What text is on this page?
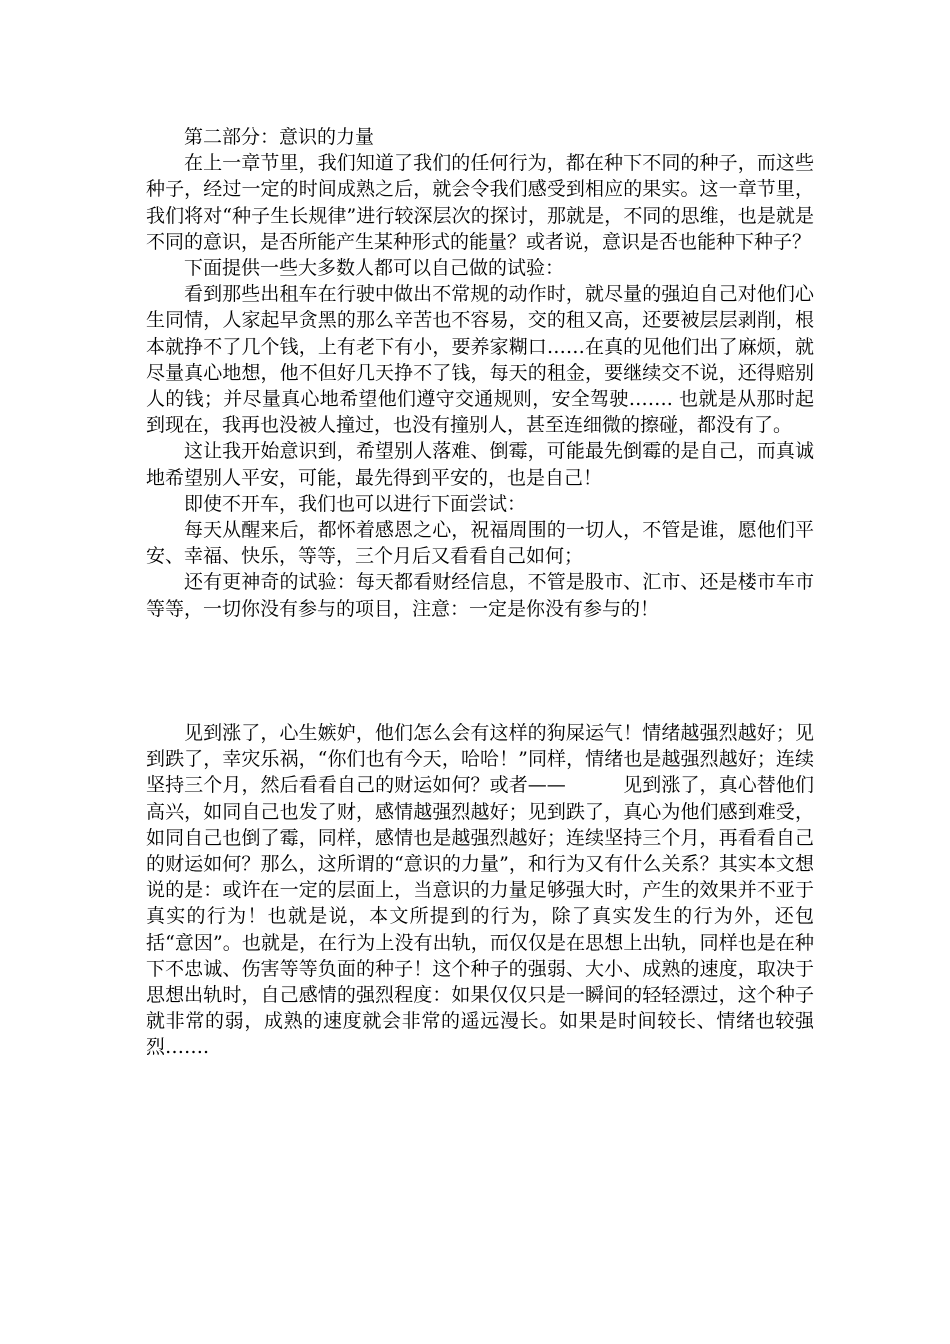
第二部分：意识的力量

在上一章节里，我们知道了我们的任何行为，都在种下不同的种子，而这些种子，经过一定的时间成熟之后，就会令我们感受到相应的果实。这一章节里，我们将对“种子生长规律”进行较深层次的探讨，那就是，不同的思维，也是就是不同的意识，是否所能产生某种形式的能量？或者说，意识是否也能种下种子？

下面提供一些大多数人都可以自己做的试验：

看到那些出租车在行驶中做出不常规的动作时，就尽量的强迫自己对他们心生同情，人家起早贪黑的那么辛苦也不容易，交的租又高，还要被层层剥削，根本就挣不了几个钱，上有老下有小，要养家糊口……在真的见他们出了麻烦，就尽量真心地想，他不但好几天挣不了钱，每天的租金，要继续交不说，还得赔别人的钱；并尽量真心地希望他们遵守交通规则，安全驾驶……. 也就是从那时起到现在，我再也没被人撞过，也没有撞别人，甚至连细微的擦碰，都没有了。

这让我开始意识到，希望别人落难、倒霉，可能最先倒霉的是自己，而真诚地希望别人平安，可能，最先得到平安的，也是自己！

即使不开车，我们也可以进行下面尝试：

每天从醒来后，都怀着感恩之心，祝福周围的一切人，不管是谁，愿他们平安、幸福、快乐，等等，三个月后又看看自己如何；

还有更神奇的试验：每天都看财经信息，不管是股市、汇市、还是楼市车市等等，一切你没有参与的项目，注意：一定是你没有参与的！

见到涨了，心生嫉妒，他们怎么会有这样的狗屎运气！情绪越强烈越好；见到跌了，幸灾乐祸，“你们也有今天，哈哈！”同样，情绪也是越强烈越好；连续坚持三个月，然后看看自己的财运如何？或者——　　　见到涨了，真心替他们高兴，如同自己也发了财，感情越强烈越好；见到跌了，真心为他们感到难受，如同自己也倒了霉，同样，感情也是越强烈越好；连续坚持三个月，再看看自己的财运如何？那么，这所谓的“意识的力量”，和行为又有什么关系？其实本文想说的是：或许在一定的层面上，当意识的力量足够强大时，产生的效果并不亚于真实的行为！也就是说，本文所提到的行为，除了真实发生的行为外，还包括“意因”。也就是，在行为上没有出轨，而仅仅是在思想上出轨，同样也是在种下不忠诚、伤害等等负面的种子！这个种子的强弱、大小、成熟的速度，取决于思想出轨时，自己感情的强烈程度：如果仅仅只是一瞬间的轻轻漂过，这个种子就非常的弱，成熟的速度就会非常的遥远漫长。如果是时间较长、情绪也较强烈…….
